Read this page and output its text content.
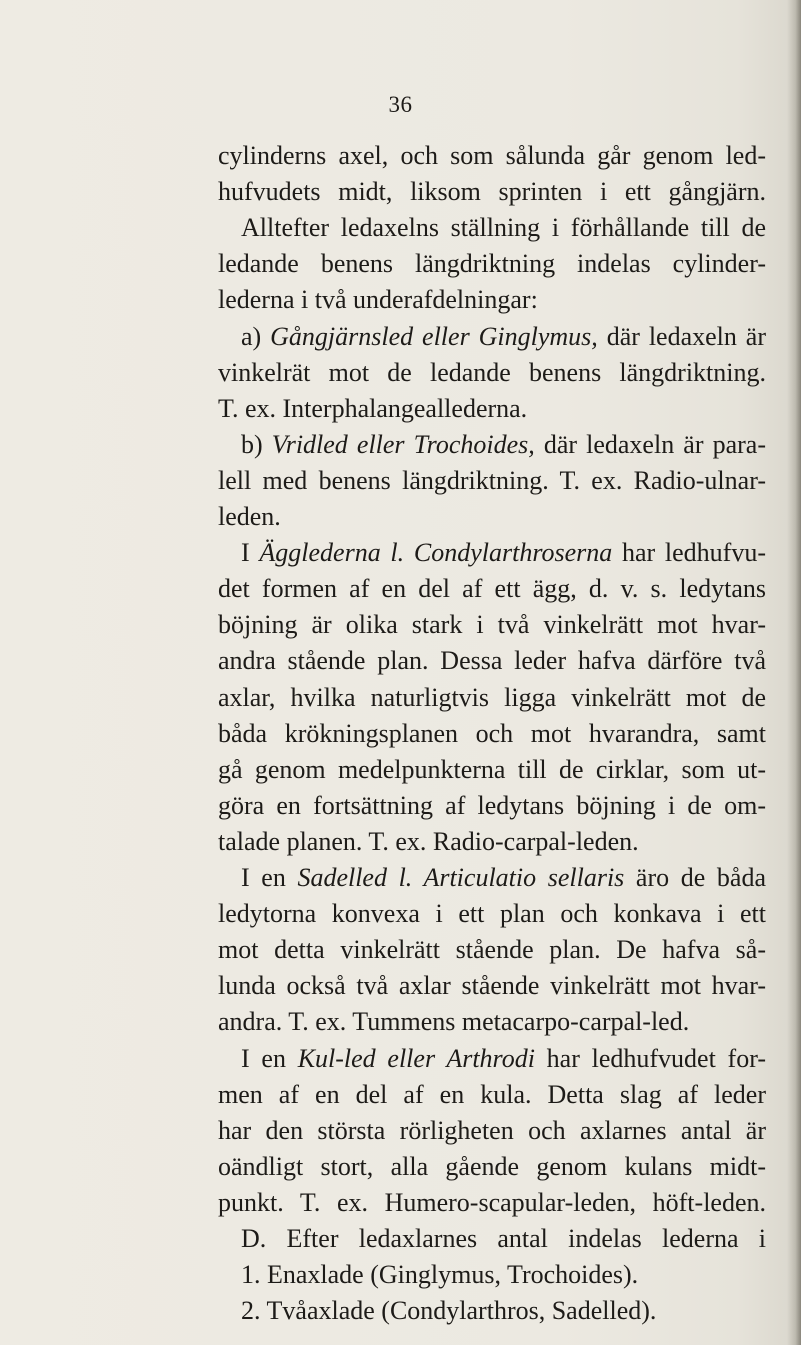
36
cylinderns axel, och som sålunda går genom led-
hufvudets midt, liksom sprinten i ett gångjärn.
Alltefter ledaxelns ställning i förhållande till de
ledande benens längdriktning indelas cylinder-
lederna i två underafdelningar:
a) Gångjärnsled eller Ginglymus, där ledaxeln är
vinkelrät mot de ledande benens längdriktning.
T. ex. Interphalangeallederna.
b) Vridled eller Trochoides, där ledaxeln är para-
lell med benens längdriktning. T. ex. Radio-ulnar-
leden.
I Ägglederna l. Condylarthroserna har ledhufvu-
det formen af en del af ett ägg, d. v. s. ledytans
böjning är olika stark i två vinkelrätt mot hvar-
andra stående plan. Dessa leder hafva därföre två
axlar, hvilka naturligtvis ligga vinkelrätt mot de
båda krökningsplanen och mot hvarandra, samt
gå genom medelpunkterna till de cirklar, som ut-
göra en fortsättning af ledytans böjning i de om-
talade planen. T. ex. Radio-carpal-leden.
I en Sadelled l. Articulatio sellaris äro de båda
ledytorna konvexa i ett plan och konkava i ett
mot detta vinkelrätt stående plan. De hafva så-
lunda också två axlar stående vinkelrätt mot hvar-
andra. T. ex. Tummens metacarpo-carpal-led.
I en Kul-led eller Arthrodi har ledhufvudet for-
men af en del af en kula. Detta slag af leder
har den största rörligheten och axlarnes antal är
oändligt stort, alla gående genom kulans midt-
punkt. T. ex. Humero-scapular-leden, höft-leden.
D. Efter ledaxlarnes antal indelas lederna i
1. Enaxlade (Ginglymus, Trochoides).
2. Tvåaxlade (Condylarthros, Sadelled).
